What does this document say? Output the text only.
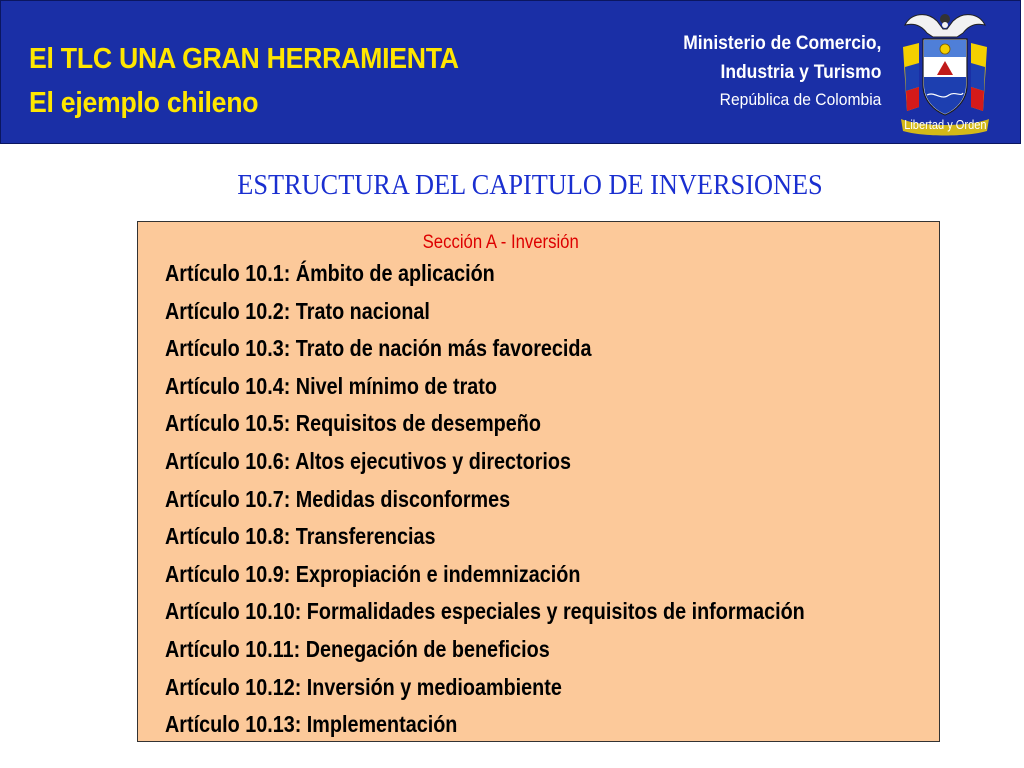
El TLC UNA GRAN HERRAMIENTA
El ejemplo chileno
Ministerio de Comercio,
Industria y Turismo
República de Colombia
Libertad y Orden
ESTRUCTURA DEL CAPITULO DE INVERSIONES
Sección A - Inversión
Artículo 10.1: Ámbito de aplicación
Artículo 10.2: Trato nacional
Artículo 10.3: Trato de nación más favorecida
Artículo 10.4: Nivel mínimo de trato
Artículo 10.5: Requisitos de desempeño
Artículo 10.6: Altos ejecutivos y directorios
Artículo 10.7: Medidas disconformes
Artículo 10.8: Transferencias
Artículo 10.9: Expropiación e indemnización
Artículo 10.10: Formalidades especiales y requisitos de información
Artículo 10.11: Denegación de beneficios
Artículo 10.12: Inversión y medioambiente
Artículo 10.13: Implementación
